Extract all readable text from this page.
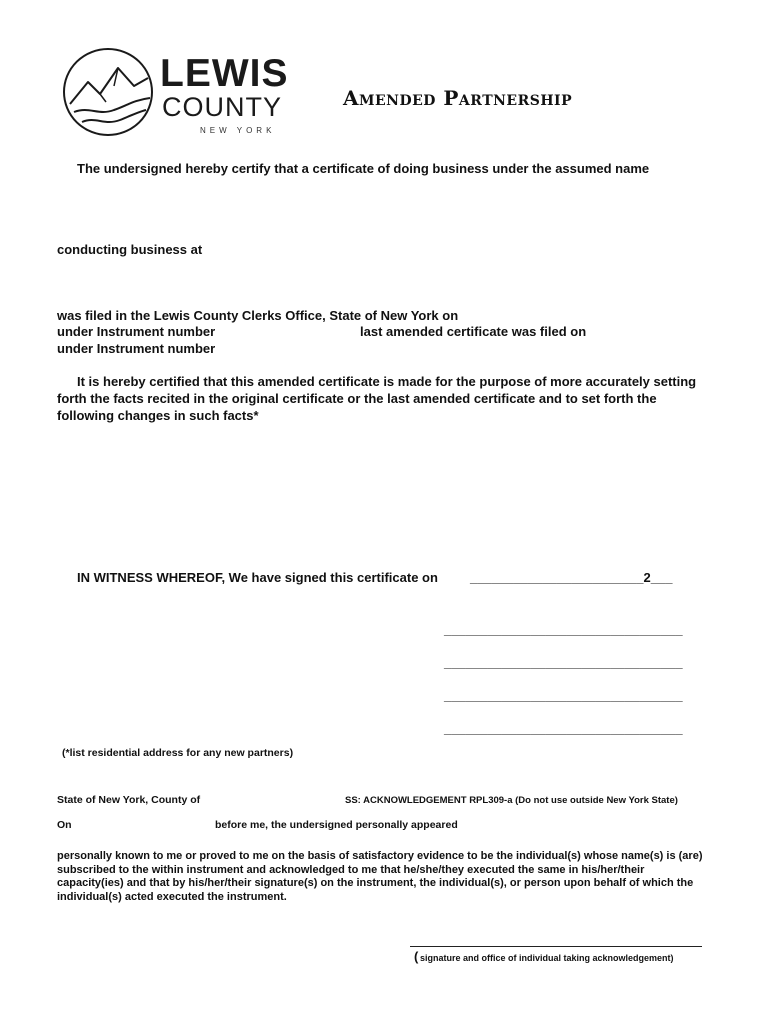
LEWIS
COUNTY
NEW YORK
Amended Partnership
The undersigned hereby certify that a certificate of doing business under the assumed name
conducting business at
was filed in the Lewis County Clerks Office, State of New York on
under Instrument number	last amended certificate was filed on
under Instrument number
It is hereby certified that this amended certificate is made for the purpose of more accurately setting forth the facts recited in the original certificate or the last amended certificate and to set forth the following changes in such facts*
IN WITNESS WHEREOF, We have signed this certificate on ________________________2___
_________________________________
_________________________________
_________________________________
_________________________________
(*list residential address for any new partners)
State of New York, County of	SS: ACKNOWLEDGEMENT RPL309-a (Do not use outside New York State)
On	before me, the undersigned personally appeared
personally known to me or proved to me on the basis of satisfactory evidence to be the individual(s) whose name(s) is (are) subscribed to the within instrument and acknowledged to me that he/she/they executed the same in his/her/their capacity(ies) and that by his/her/their signature(s) on the instrument, the individual(s), or person upon behalf of which the individual(s) acted executed the instrument.
( signature and office of individual taking acknowledgement)
